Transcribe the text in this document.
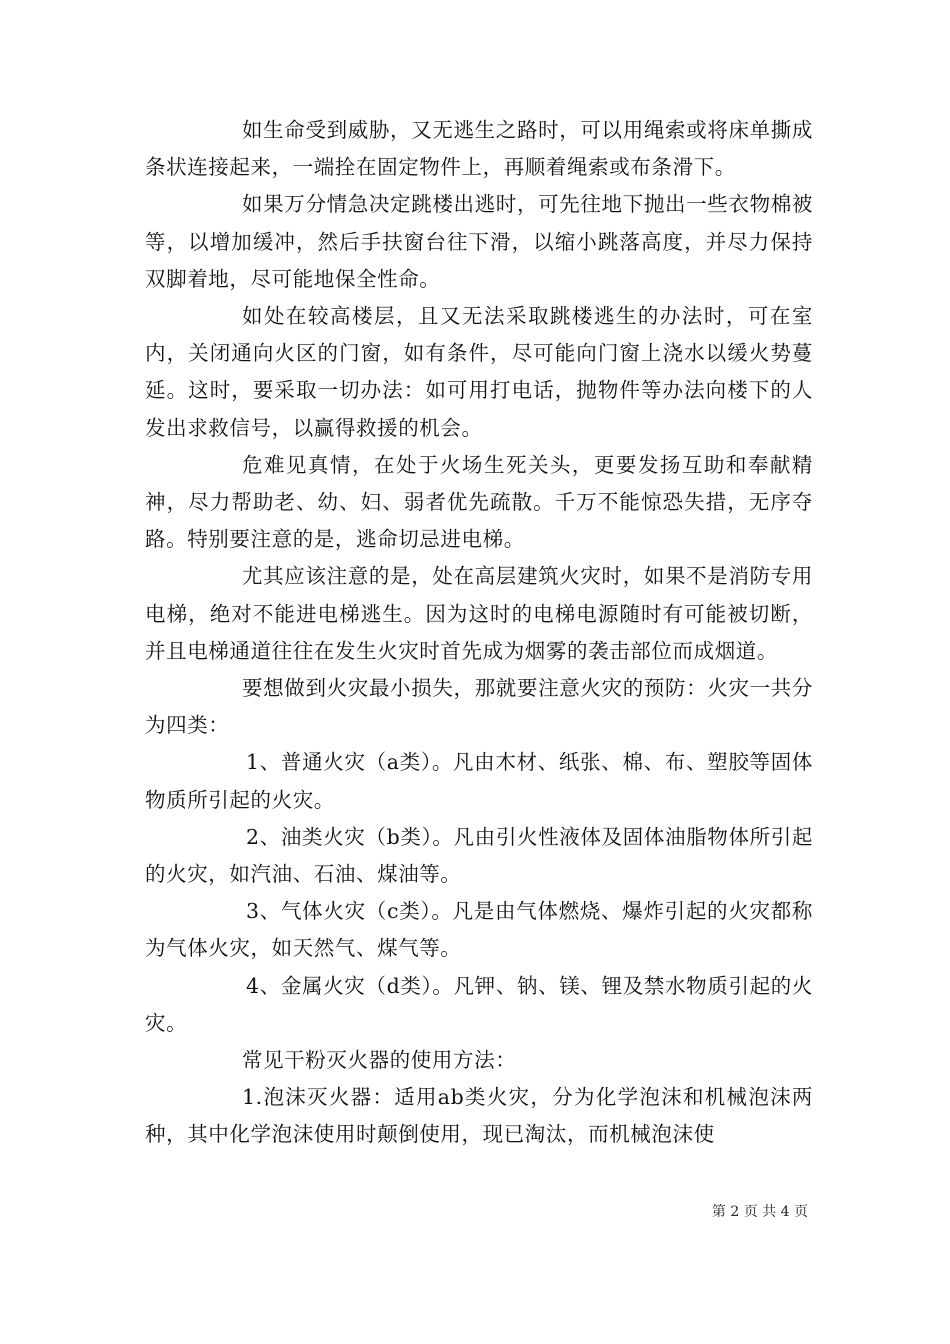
如生命受到威胁，又无逃生之路时，可以用绳索或将床单撕成条状连接起来，一端拴在固定物件上，再顺着绳索或布条滑下。

如果万分情急决定跳楼出逃时，可先往地下抛出一些衣物棉被等，以增加缓冲，然后手扶窗台往下滑，以缩小跳落高度，并尽力保持双脚着地，尽可能地保全性命。

如处在较高楼层，且又无法采取跳楼逃生的办法时，可在室内，关闭通向火区的门窗，如有条件，尽可能向门窗上浇水以缓火势蔓延。这时，要采取一切办法：如可用打电话，抛物件等办法向楼下的人发出求救信号，以赢得救援的机会。

危难见真情，在处于火场生死关头，更要发扬互助和奉献精神，尽力帮助老、幼、妇、弱者优先疏散。千万不能惊恐失措，无序夺路。特别要注意的是，逃命切忌进电梯。

尤其应该注意的是，处在高层建筑火灾时，如果不是消防专用电梯，绝对不能进电梯逃生。因为这时的电梯电源随时有可能被切断，并且电梯通道往往在发生火灾时首先成为烟雾的袭击部位而成烟道。

要想做到火灾最小损失，那就要注意火灾的预防：火灾一共分为四类：

1、普通火灾（a类）。凡由木材、纸张、棉、布、塑胶等固体物质所引起的火灾。

2、油类火灾（b类）。凡由引火性液体及固体油脂物体所引起的火灾，如汽油、石油、煤油等。

3、气体火灾（c类）。凡是由气体燃烧、爆炸引起的火灾都称为气体火灾，如天然气、煤气等。

4、金属火灾（d类）。凡钾、钠、镁、锂及禁水物质引起的火灾。

常见干粉灭火器的使用方法：

1.泡沫灭火器：适用ab类火灾，分为化学泡沫和机械泡沫两种，其中化学泡沫使用时颠倒使用，现已淘汰，而机械泡沫使

第 2 页 共 4 页
